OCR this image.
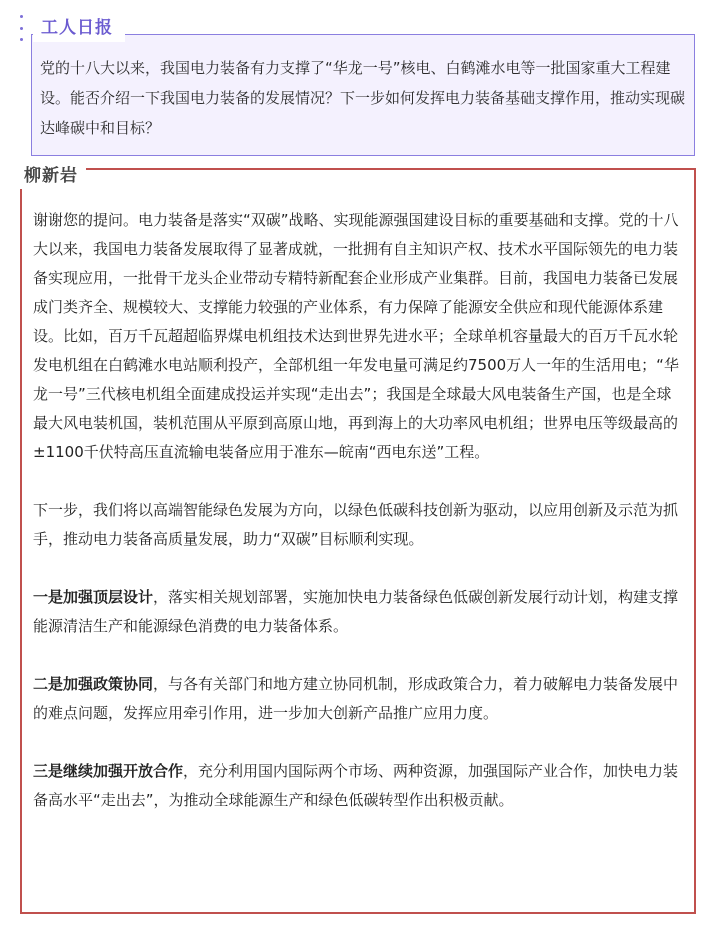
工人日报

党的十八大以来，我国电力装备有力支撑了“华龙一号”核电、白鹤滩水电等一批国家重大工程建设。能否介绍一下我国电力装备的发展情况？下一步如何发挥电力装备基础支撑作用，推动实现碳达峰碳中和目标？

柳新岩

谢谢您的提问。电力装备是落实“双碳”战略、实现能源强国建设目标的重要基础和支撑。党的十八大以来，我国电力装备发展取得了显著成就，一批拥有自主知识产权、技术水平国际领先的电力装备实现应用，一批骨干龙头企业带动专精特新配套企业形成产业集群。目前，我国电力装备已发展成门类齐全、规模较大、支撑能力较强的产业体系，有力保障了能源安全供应和现代能源体系建设。比如，百万千瓦超超临界煤电机组技术达到世界先进水平；全球单机容量最大的百万千瓦水轮发电机组在白鹤滩水电站顺利投产，全部机组一年发电量可满足约7500万人一年的生活用电；“华龙一号”三代核电机组全面建成投运并实现“走出去”；我国是全球最大风电装备生产国，也是全球最大风电装机国，装机范围从平原到高原山地，再到海上的大功率风电机组；世界电压等级最高的±1100千伏特高压直流输电装备应用于准东—皖南“西电东送”工程。

下一步，我们将以高端智能绿色发展为方向，以绿色低碳科技创新为驱动，以应用创新及示范为抓手，推动电力装备高质量发展，助力“双碳”目标顺利实现。

一是加强顶层设计，落实相关规划部署，实施加快电力装备绿色低碳创新发展行动计划，构建支撑能源清洁生产和能源绿色消费的电力装备体系。

二是加强政策协同，与各有关部门和地方建立协同机制，形成政策合力，着力破解电力装备发展中的难点问题，发挥应用牵引作用，进一步加大创新产品推广应用力度。

三是继续加强开放合作，充分利用国内国际两个市场、两种资源，加强国际产业合作，加快电力装备高水平“走出去”，为推动全球能源生产和绿色低碳转型作出积极贡献。
